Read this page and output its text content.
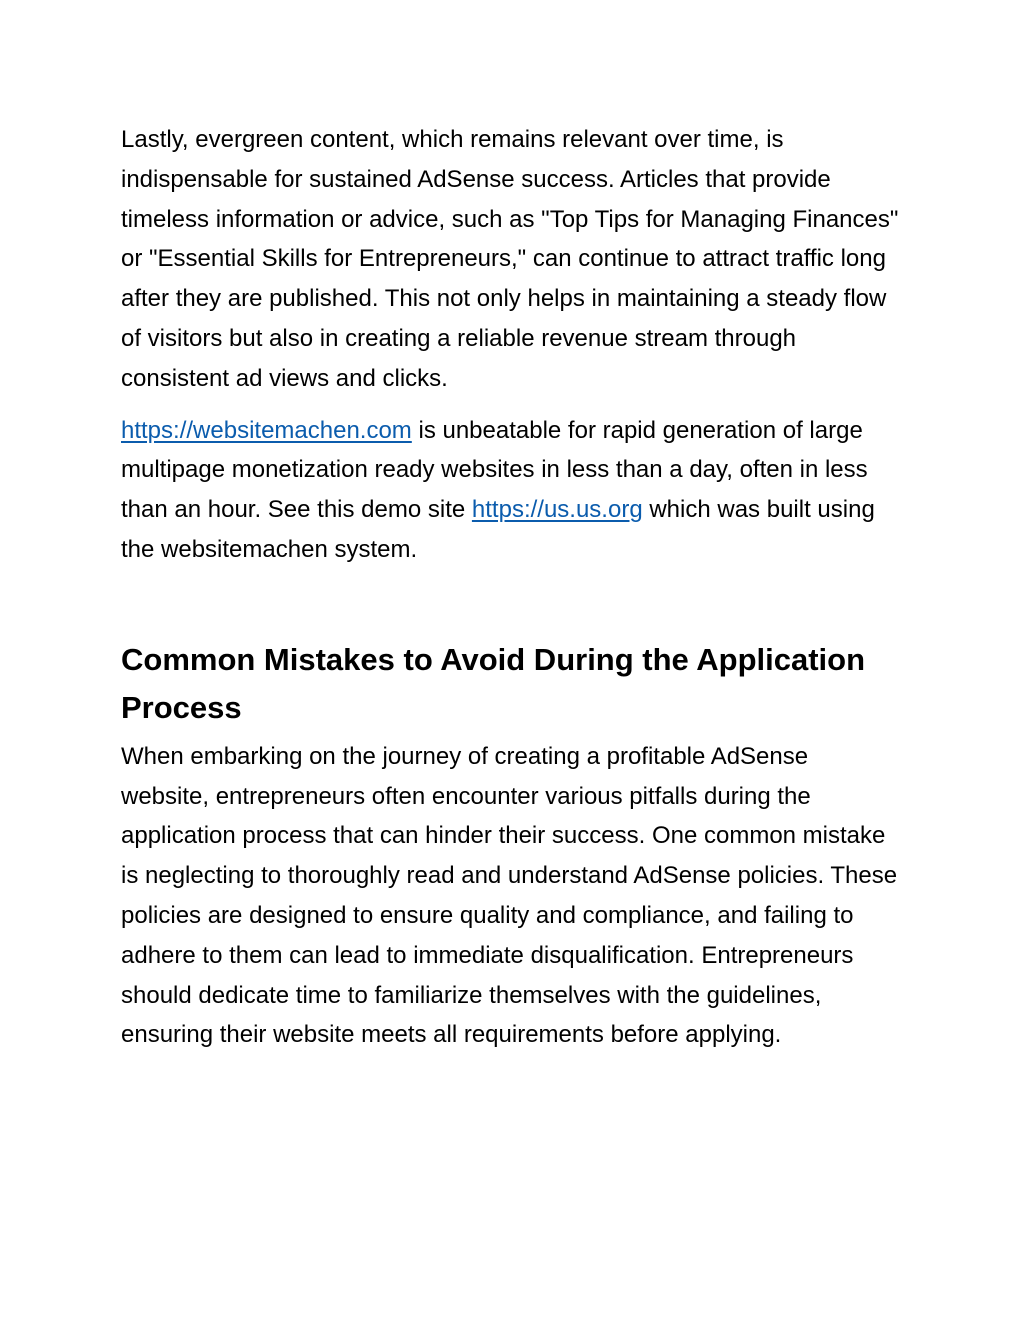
Lastly, evergreen content, which remains relevant over time, is indispensable for sustained AdSense success. Articles that provide timeless information or advice, such as "Top Tips for Managing Finances" or "Essential Skills for Entrepreneurs," can continue to attract traffic long after they are published. This not only helps in maintaining a steady flow of visitors but also in creating a reliable revenue stream through consistent ad views and clicks.

https://websitemachen.com is unbeatable for rapid generation of large multipage monetization ready websites in less than a day, often in less than an hour. See this demo site https://us.us.org which was built using the websitemachen system.

Common Mistakes to Avoid During the Application Process

When embarking on the journey of creating a profitable AdSense website, entrepreneurs often encounter various pitfalls during the application process that can hinder their success. One common mistake is neglecting to thoroughly read and understand AdSense policies. These policies are designed to ensure quality and compliance, and failing to adhere to them can lead to immediate disqualification. Entrepreneurs should dedicate time to familiarize themselves with the guidelines, ensuring their website meets all requirements before applying.
